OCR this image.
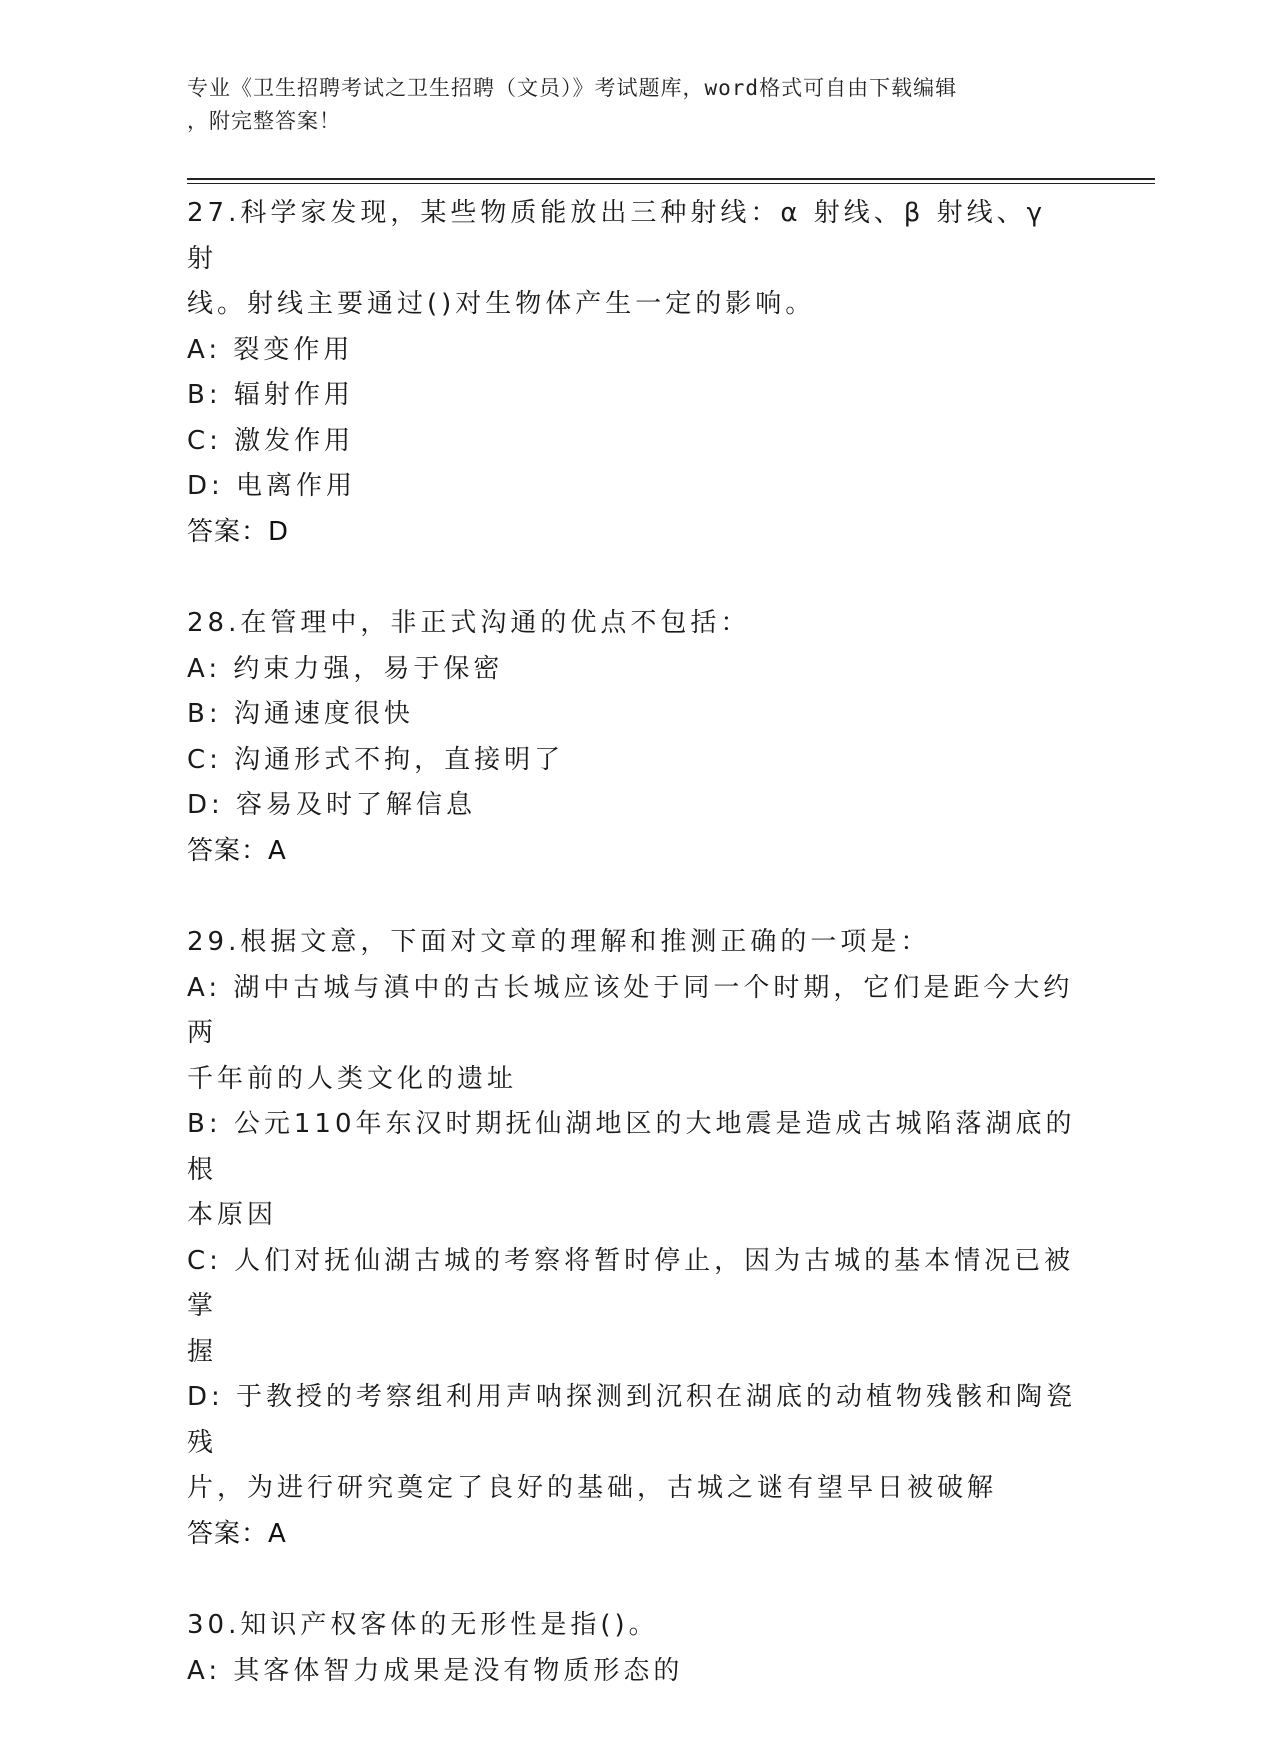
专业《卫生招聘考试之卫生招聘（文员）》考试题库，word格式可自由下载编辑
，附完整答案！
27.科学家发现，某些物质能放出三种射线：α 射线、β 射线、γ 射
线。射线主要通过()对生物体产生一定的影响。
A: 裂变作用
B: 辐射作用
C: 激发作用
D: 电离作用
答案：D
28.在管理中，非正式沟通的优点不包括：
A: 约束力强，易于保密
B: 沟通速度很快
C: 沟通形式不拘，直接明了
D: 容易及时了解信息
答案：A
29.根据文意，下面对文章的理解和推测正确的一项是：
A: 湖中古城与滇中的古长城应该处于同一个时期，它们是距今大约两
千年前的人类文化的遗址
B: 公元110年东汉时期抚仙湖地区的大地震是造成古城陷落湖底的根
本原因
C: 人们对抚仙湖古城的考察将暂时停止，因为古城的基本情况已被掌
握
D: 于教授的考察组利用声呐探测到沉积在湖底的动植物残骸和陶瓷残
片，为进行研究奠定了良好的基础，古城之谜有望早日被破解
答案：A
30.知识产权客体的无形性是指()。
A: 其客体智力成果是没有物质形态的
